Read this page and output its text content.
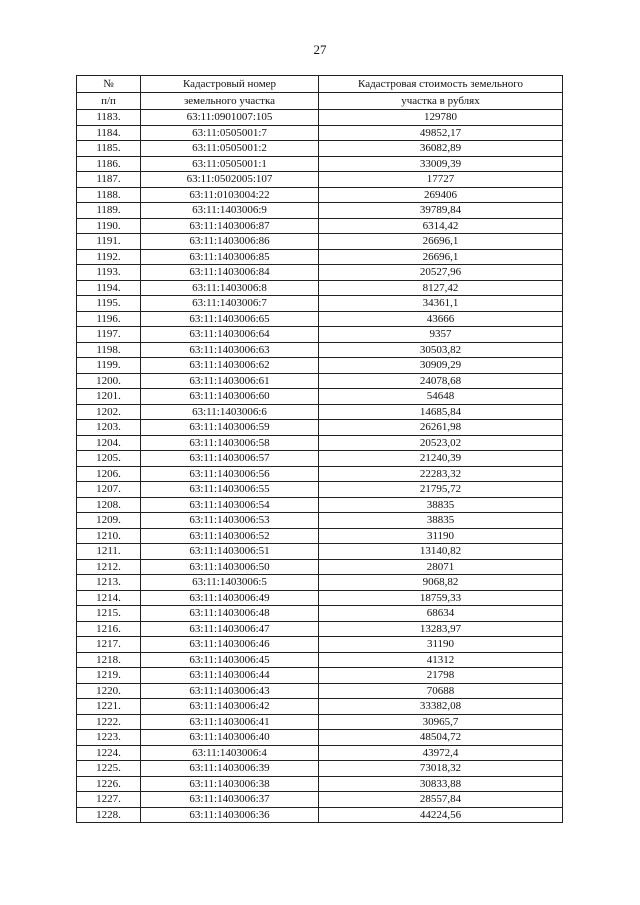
27
№	Кадастровый номер	Кадастровая стоимость земельного
п/п	земельного участка	участка в рублях
1183.	63:11:0901007:105	129780
1184.	63:11:0505001:7	49852,17
1185.	63:11:0505001:2	36082,89
1186.	63:11:0505001:1	33009,39
1187.	63:11:0502005:107	17727
1188.	63:11:0103004:22	269406
1189.	63:11:1403006:9	39789,84
1190.	63:11:1403006:87	6314,42
1191.	63:11:1403006:86	26696,1
1192.	63:11:1403006:85	26696,1
1193.	63:11:1403006:84	20527,96
1194.	63:11:1403006:8	8127,42
1195.	63:11:1403006:7	34361,1
1196.	63:11:1403006:65	43666
1197.	63:11:1403006:64	9357
1198.	63:11:1403006:63	30503,82
1199.	63:11:1403006:62	30909,29
1200.	63:11:1403006:61	24078,68
1201.	63:11:1403006:60	54648
1202.	63:11:1403006:6	14685,84
1203.	63:11:1403006:59	26261,98
1204.	63:11:1403006:58	20523,02
1205.	63:11:1403006:57	21240,39
1206.	63:11:1403006:56	22283,32
1207.	63:11:1403006:55	21795,72
1208.	63:11:1403006:54	38835
1209.	63:11:1403006:53	38835
1210.	63:11:1403006:52	31190
1211.	63:11:1403006:51	13140,82
1212.	63:11:1403006:50	28071
1213.	63:11:1403006:5	9068,82
1214.	63:11:1403006:49	18759,33
1215.	63:11:1403006:48	68634
1216.	63:11:1403006:47	13283,97
1217.	63:11:1403006:46	31190
1218.	63:11:1403006:45	41312
1219.	63:11:1403006:44	21798
1220.	63:11:1403006:43	70688
1221.	63:11:1403006:42	33382,08
1222.	63:11:1403006:41	30965,7
1223.	63:11:1403006:40	48504,72
1224.	63:11:1403006:4	43972,4
1225.	63:11:1403006:39	73018,32
1226.	63:11:1403006:38	30833,88
1227.	63:11:1403006:37	28557,84
1228.	63:11:1403006:36	44224,56
